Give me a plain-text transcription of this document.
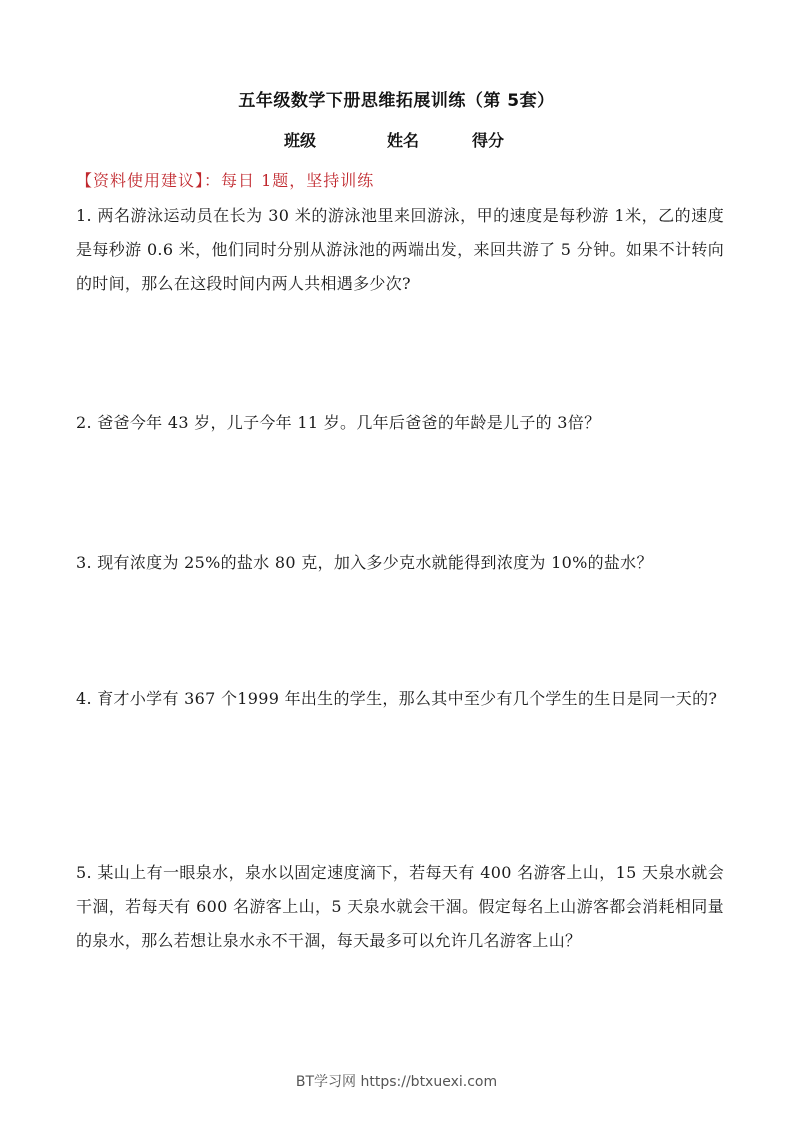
五年级数学下册思维拓展训练（第 5套）
班级	姓名	得分
【资料使用建议】：每日 1题，坚持训练
1. 两名游泳运动员在长为 30 米的游泳池里来回游泳，甲的速度是每秒游 1米，乙的速度是每秒游 0.6 米，他们同时分别从游泳池的两端出发，来回共游了 5 分钟。如果不计转向的时间，那么在这段时间内两人共相遇多少次?
2. 爸爸今年 43 岁，儿子今年 11 岁。几年后爸爸的年龄是儿子的 3倍？
3. 现有浓度为 25%的盐水 80 克，加入多少克水就能得到浓度为 10%的盐水？
4. 育才小学有 367 个1999 年出生的学生，那么其中至少有几个学生的生日是同一天的?
5. 某山上有一眼泉水，泉水以固定速度滴下，若每天有 400 名游客上山，15 天泉水就会干涸，若每天有 600 名游客上山，5 天泉水就会干涸。假定每名上山游客都会消耗相同量的泉水，那么若想让泉水永不干涸，每天最多可以允许几名游客上山？
BT学习网 https://btxuexi.com
